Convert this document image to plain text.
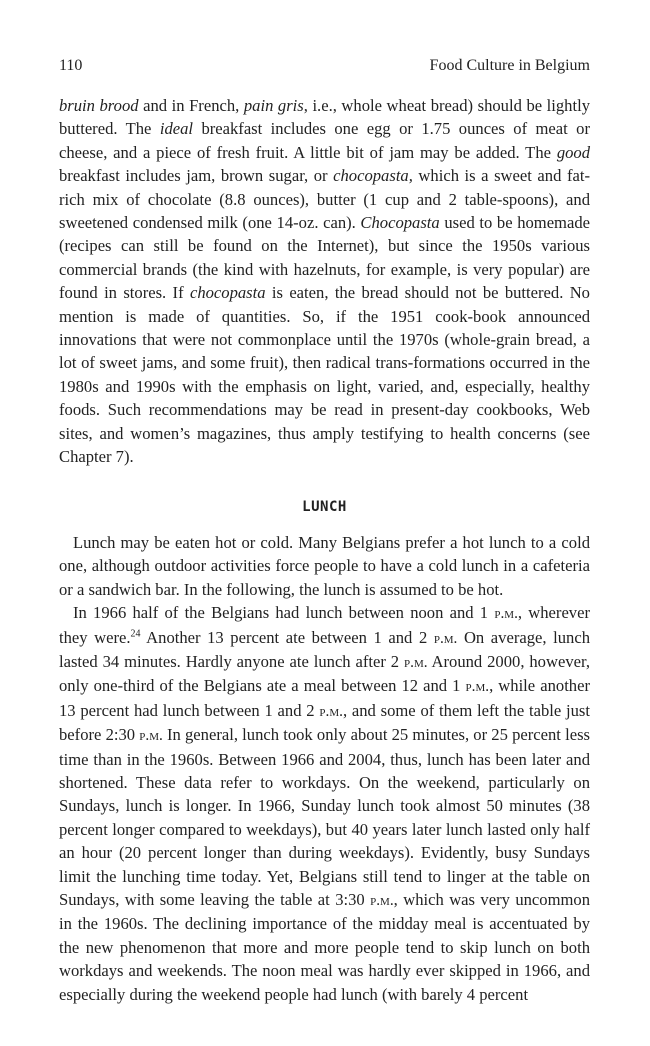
110	Food Culture in Belgium

bruin brood and in French, pain gris, i.e., whole wheat bread) should be lightly buttered. The ideal breakfast includes one egg or 1.75 ounces of meat or cheese, and a piece of fresh fruit. A little bit of jam may be added. The good breakfast includes jam, brown sugar, or chocopasta, which is a sweet and fat-rich mix of chocolate (8.8 ounces), butter (1 cup and 2 table-spoons), and sweetened condensed milk (one 14-oz. can). Chocopasta used to be homemade (recipes can still be found on the Internet), but since the 1950s various commercial brands (the kind with hazelnuts, for example, is very popular) are found in stores. If chocopasta is eaten, the bread should not be buttered. No mention is made of quantities. So, if the 1951 cook-book announced innovations that were not commonplace until the 1970s (whole-grain bread, a lot of sweet jams, and some fruit), then radical trans-formations occurred in the 1980s and 1990s with the emphasis on light, varied, and, especially, healthy foods. Such recommendations may be read in present-day cookbooks, Web sites, and women’s magazines, thus amply testifying to health concerns (see Chapter 7).

LUNCH

Lunch may be eaten hot or cold. Many Belgians prefer a hot lunch to a cold one, although outdoor activities force people to have a cold lunch in a cafeteria or a sandwich bar. In the following, the lunch is assumed to be hot.

In 1966 half of the Belgians had lunch between noon and 1 p.m., wherever they were.$^{24}$ Another 13 percent ate between 1 and 2 p.m. On average, lunch lasted 34 minutes. Hardly anyone ate lunch after 2 p.m. Around 2000, however, only one-third of the Belgians ate a meal between 12 and 1 p.m., while another 13 percent had lunch between 1 and 2 p.m., and some of them left the table just before 2:30 p.m. In general, lunch took only about 25 minutes, or 25 percent less time than in the 1960s. Between 1966 and 2004, thus, lunch has been later and shortened. These data refer to workdays. On the weekend, particularly on Sundays, lunch is longer. In 1966, Sunday lunch took almost 50 minutes (38 percent longer compared to weekdays), but 40 years later lunch lasted only half an hour (20 percent longer than during weekdays). Evidently, busy Sundays limit the lunching time today. Yet, Belgians still tend to linger at the table on Sundays, with some leaving the table at 3:30 p.m., which was very uncommon in the 1960s. The declining importance of the midday meal is accentuated by the new phenomenon that more and more people tend to skip lunch on both workdays and weekends. The noon meal was hardly ever skipped in 1966, and especially during the weekend people had lunch (with barely 4 percent
